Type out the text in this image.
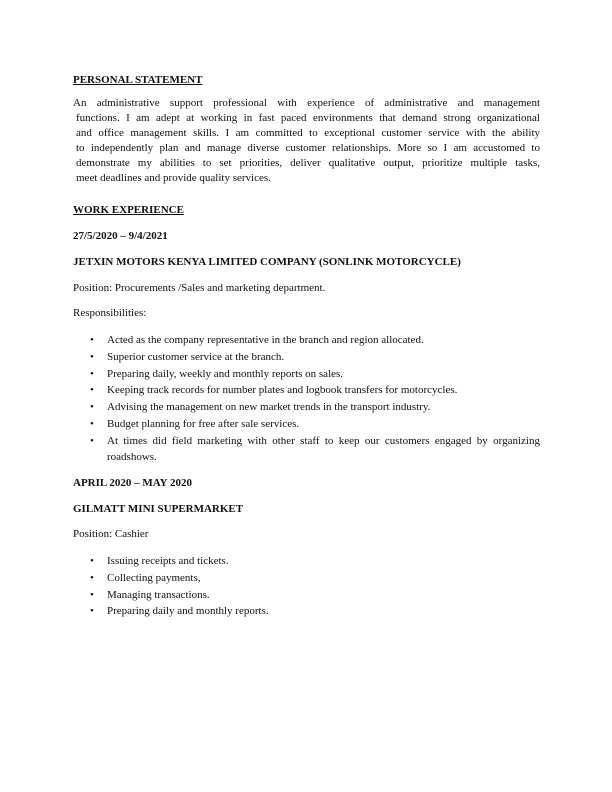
PERSONAL STATEMENT
An administrative support professional with experience of administrative and management
functions. I am adept at working in fast paced environments that demand strong organizational
and office management skills. I am committed to exceptional customer service with the ability
to independently plan and manage diverse customer relationships. More so I am accustomed to
demonstrate my abilities to set priorities, deliver qualitative output, prioritize multiple tasks,
meet deadlines and provide quality services.
WORK EXPERIENCE
27/5/2020 – 9/4/2021
JETXIN MOTORS KENYA LIMITED COMPANY (SONLINK MOTORCYCLE)
Position: Procurements /Sales and marketing department.
Responsibilities:
• Acted as the company representative in the branch and region allocated.
• Superior customer service at the branch.
• Preparing daily, weekly and monthly reports on sales.
• Keeping track records for number plates and logbook transfers for motorcycles.
• Advising the management on new market trends in the transport industry.
• Budget planning for free after sale services.
• At times did field marketing with other staff to keep our customers engaged by organizing roadshows.
APRIL 2020 – MAY 2020
GILMATT MINI SUPERMARKET
Position: Cashier
• Issuing receipts and tickets.
• Collecting payments,
• Managing transactions.
• Preparing daily and monthly reports.
